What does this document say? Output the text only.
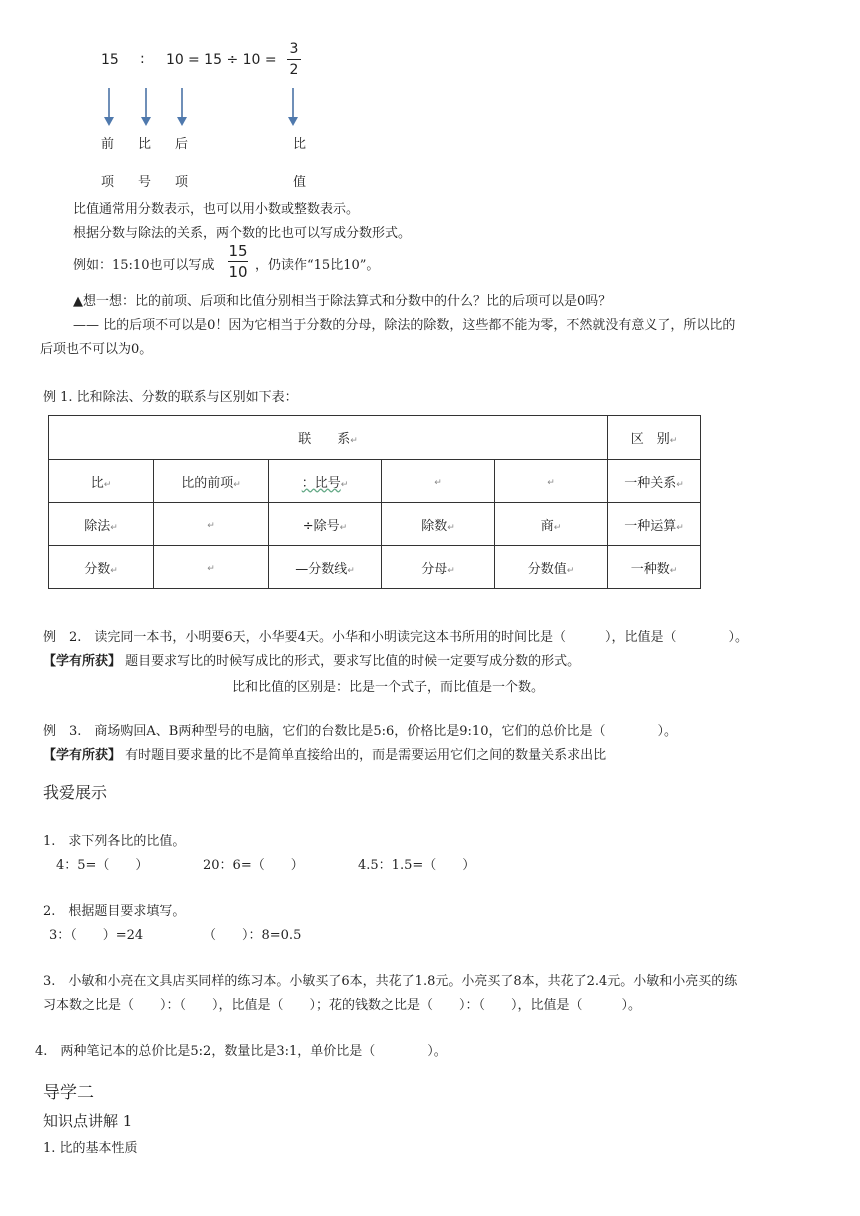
15 : 10 = 15 ÷ 10 =
3
2
前 比 后	比
项 号 项	值
比值通常用分数表示，也可以用小数或整数表示。
根据分数与除法的关系，两个数的比也可以写成分数形式。
例如：15:10也可以写成
15
10 ，仍读作“15比10”。
▲想一想：比的前项、后项和比值分别相当于除法算式和分数中的什么？比的后项可以是0吗？
—— 比的后项不可以是0！因为它相当于分数的分母，除法的除数，这些都不能为零，不然就没有意义了，所以比的
后项也不可以为0。
例 1. 比和除法、分数的联系与区别如下表：
联　　系↵					区　别↵
比↵	比的前项↵	：比号↵	↵	↵	一种关系↵
除法↵	↵	÷除号↵	除数↵	商↵	一种运算↵
分数↵	↵	—分数线↵	分母↵	分数值↵	一种数↵
例　2.　读完同一本书，小明要6天，小华要4天。小华和小明读完这本书所用的时间比是（　　　），比值是（　　　　）。
【学有所获】 题目要求写比的时候写成比的形式，要求写比值的时候一定要写成分数的形式。
比和比值的区别是：比是一个式子，而比值是一个数。
例　3.　商场购回A、B两种型号的电脑，它们的台数比是5:6，价格比是9:10，它们的总价比是（　　　　）。
【学有所获】 有时题目要求量的比不是简单直接给出的，而是需要运用它们之间的数量关系求出比
我爱展示
1.　求下列各比的比值。
4：5=（　　）	20：6=（　　）	4.5：1.5=（　　）
2.　根据题目要求填写。
3：（　　）=24	（　　）：8=0.5
3.　小敏和小亮在文具店买同样的练习本。小敏买了6本，共花了1.8元。小亮买了8本，共花了2.4元。小敏和小亮买的练
习本数之比是（　　）：（　　），比值是（　　）；花的钱数之比是（　　）：（　　），比值是（　　　）。
4.　两种笔记本的总价比是5:2，数量比是3:1，单价比是（　　　　）。
导学二
知识点讲解 1
1. 比的基本性质
